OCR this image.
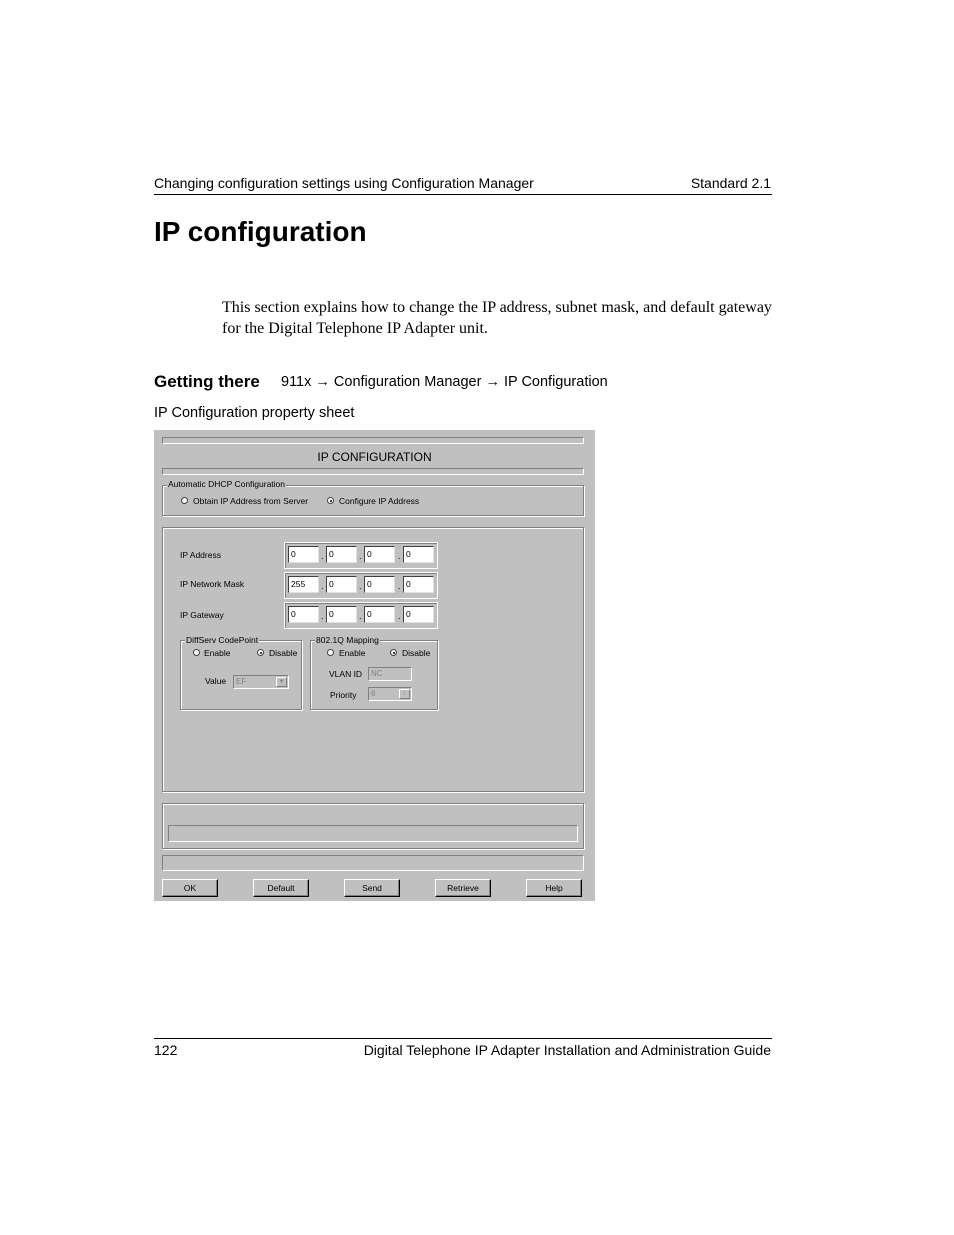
Changing configuration settings using Configuration Manager	Standard 2.1
IP configuration
This section explains how to change the IP address, subnet mask, and default gateway for the Digital Telephone IP Adapter unit.
Getting there 911x → Configuration Manager → IP Configuration
IP Configuration property sheet
IP CONFIGURATION
Automatic DHCP Configuration
Obtain IP Address from Server	Configure IP Address
IP Address	0	. 0	. 0	. 0
IP Network Mask	255	. 0	. 0	. 0
IP Gateway	0	. 0	. 0	. 0
DiffServ CodePoint
Enable	Disable
Value	EF	▼
802.1Q Mapping
Enable	Disable
VLAN ID	NC
Priority	6	↕
OK	Default	Send	Retrieve	Help
122	Digital Telephone IP Adapter Installation and Administration Guide
